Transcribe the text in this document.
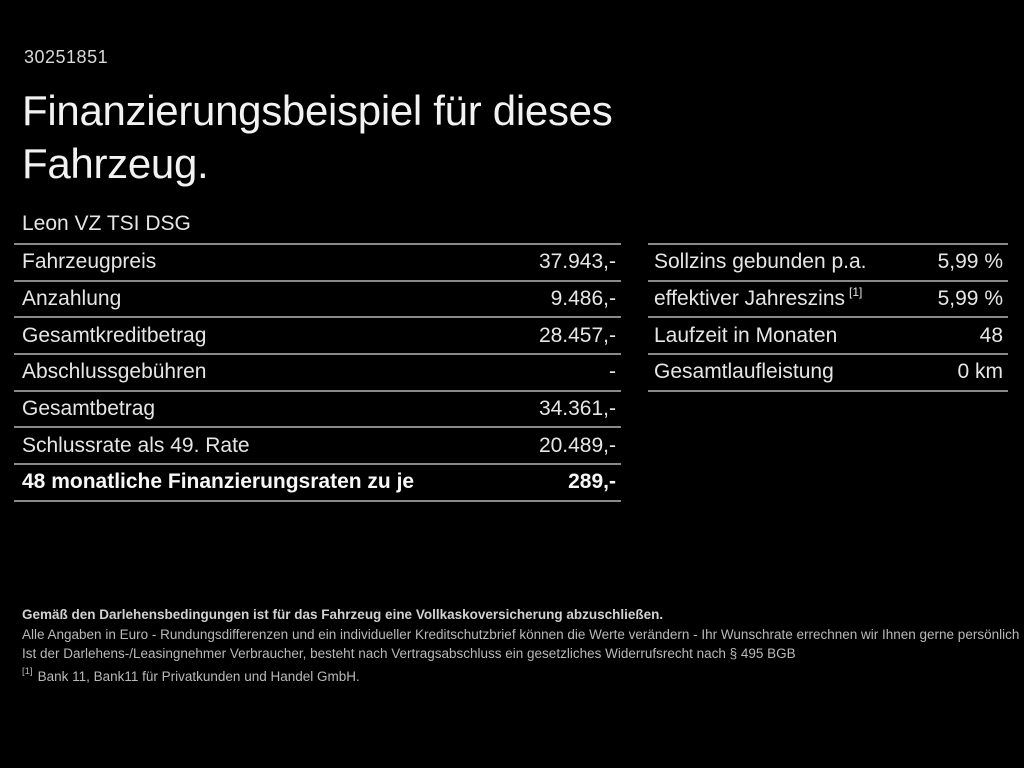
30251851
Finanzierungsbeispiel für dieses
Fahrzeug.
Leon VZ TSI DSG
Fahrzeugpreis	37.943,-
Anzahlung	9.486,-
Gesamtkreditbetrag	28.457,-
Abschlussgebühren	-
Gesamtbetrag	34.361,-
Schlussrate als 49. Rate	20.489,-
48 monatliche Finanzierungsraten zu je	289,-
Sollzins gebunden p.a.	5,99 %
effektiver Jahreszins [1]	5,99 %
Laufzeit in Monaten	48
Gesamtlaufleistung	0 km
Gemäß den Darlehensbedingungen ist für das Fahrzeug eine Vollkaskoversicherung abzuschließen.
Alle Angaben in Euro - Rundungsdifferenzen und ein individueller Kreditschutzbrief können die Werte verändern - Ihr Wunschrate errechnen wir Ihnen gerne persönlich
Ist der Darlehens-/Leasingnehmer Verbraucher, besteht nach Vertragsabschluss ein gesetzliches Widerrufsrecht nach § 495 BGB
[1] Bank 11, Bank11 für Privatkunden und Handel GmbH.
